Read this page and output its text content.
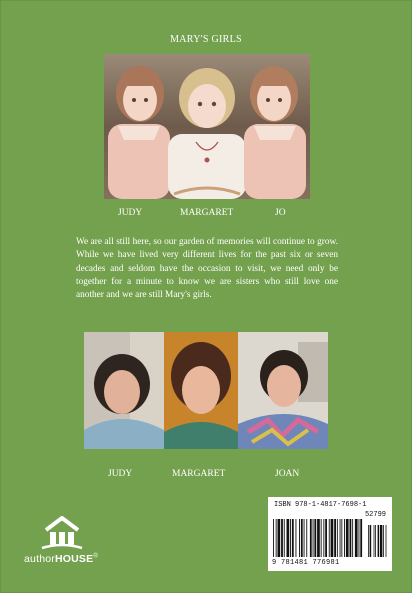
MARY'S GIRLS
JUDY	MARGARET	JO
We are all still here, so our garden of memories will continue to grow. While we have lived very different lives for the past six or seven decades and seldom have the occasion to visit, we need only be together for a minute to know we are sisters who still love one another and we are still Mary's girls.
JUDY	MARGARET	JOAN
authorHOUSE®
ISBN 978-1-4817-7698-1
52799
9 781481 776981
